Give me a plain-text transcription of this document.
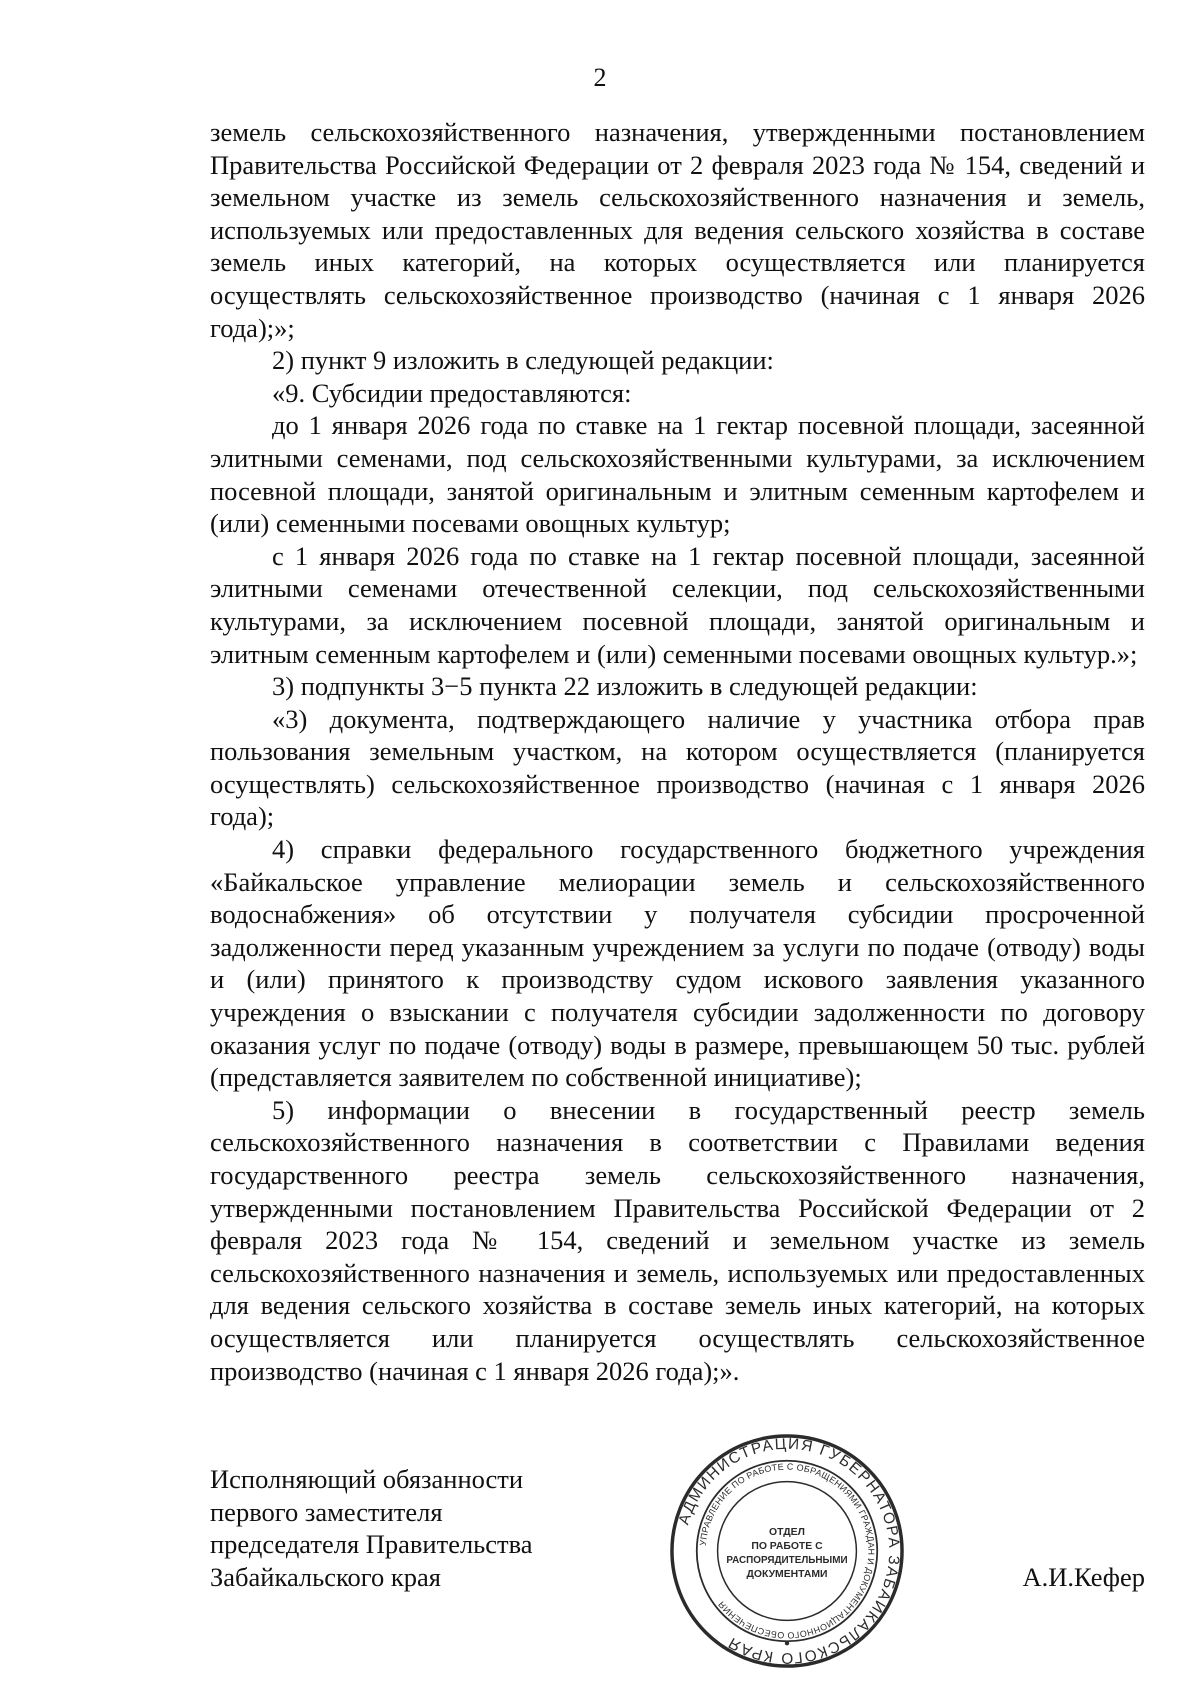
2

земель сельскохозяйственного назначения, утвержденными постановлением Правительства Российской Федерации от 2 февраля 2023 года № 154, сведений и земельном участке из земель сельскохозяйственного назначения и земель, используемых или предоставленных для ведения сельского хозяйства в составе земель иных категорий, на которых осуществляется или планируется осуществлять сельскохозяйственное производство (начиная с 1 января 2026 года);»;

2) пункт 9 изложить в следующей редакции:

«9. Субсидии предоставляются:

до 1 января 2026 года по ставке на 1 гектар посевной площади, засеянной элитными семенами, под сельскохозяйственными культурами, за исключением посевной площади, занятой оригинальным и элитным семенным картофелем и (или) семенными посевами овощных культур;

с 1 января 2026 года по ставке на 1 гектар посевной площади, засеянной элитными семенами отечественной селекции, под сельскохозяйственными культурами, за исключением посевной площади, занятой оригинальным и элитным семенным картофелем и (или) семенными посевами овощных культур.»;

3) подпункты 3−5 пункта 22 изложить в следующей редакции:

«3) документа, подтверждающего наличие у участника отбора прав пользования земельным участком, на котором осуществляется (планируется осуществлять) сельскохозяйственное производство (начиная с 1 января 2026 года);

4) справки федерального государственного бюджетного учреждения «Байкальское управление мелиорации земель и сельскохозяйственного водоснабжения» об отсутствии у получателя субсидии просроченной задолженности перед указанным учреждением за услуги по подаче (отводу) воды и (или) принятого к производству судом искового заявления указанного учреждения о взыскании с получателя субсидии задолженности по договору оказания услуг по подаче (отводу) воды в размере, превышающем 50 тыс. рублей (представляется заявителем по собственной инициативе);

5) информации о внесении в государственный реестр земель сельскохозяйственного назначения в соответствии с Правилами ведения государственного реестра земель сельскохозяйственного назначения, утвержденными постановлением Правительства Российской Федерации от 2 февраля 2023 года № 154, сведений и земельном участке из земель сельскохозяйственного назначения и земель, используемых или предоставленных для ведения сельского хозяйства в составе земель иных категорий, на которых осуществляется или планируется осуществлять сельскохозяйственное производство (начиная с 1 января 2026 года);».

Исполняющий обязанности
первого заместителя
председателя Правительства
Забайкальского края	А.И.Кефер
АДМИНИСТРАЦИЯ ГУБЕРНАТОРА ЗАБАЙКАЛЬСКОГО КРАЯ
УПРАВЛЕНИЕ ПО РАБОТЕ С ОБРАЩЕНИЯМИ ГРАЖДАН И ДОКУМЕНТАЦИОННОГО ОБЕСПЕЧЕНИЯ
ОТДЕЛ
ПО РАБОТЕ С
РАСПОРЯДИТЕЛЬНЫМИ
ДОКУМЕНТАМИ
